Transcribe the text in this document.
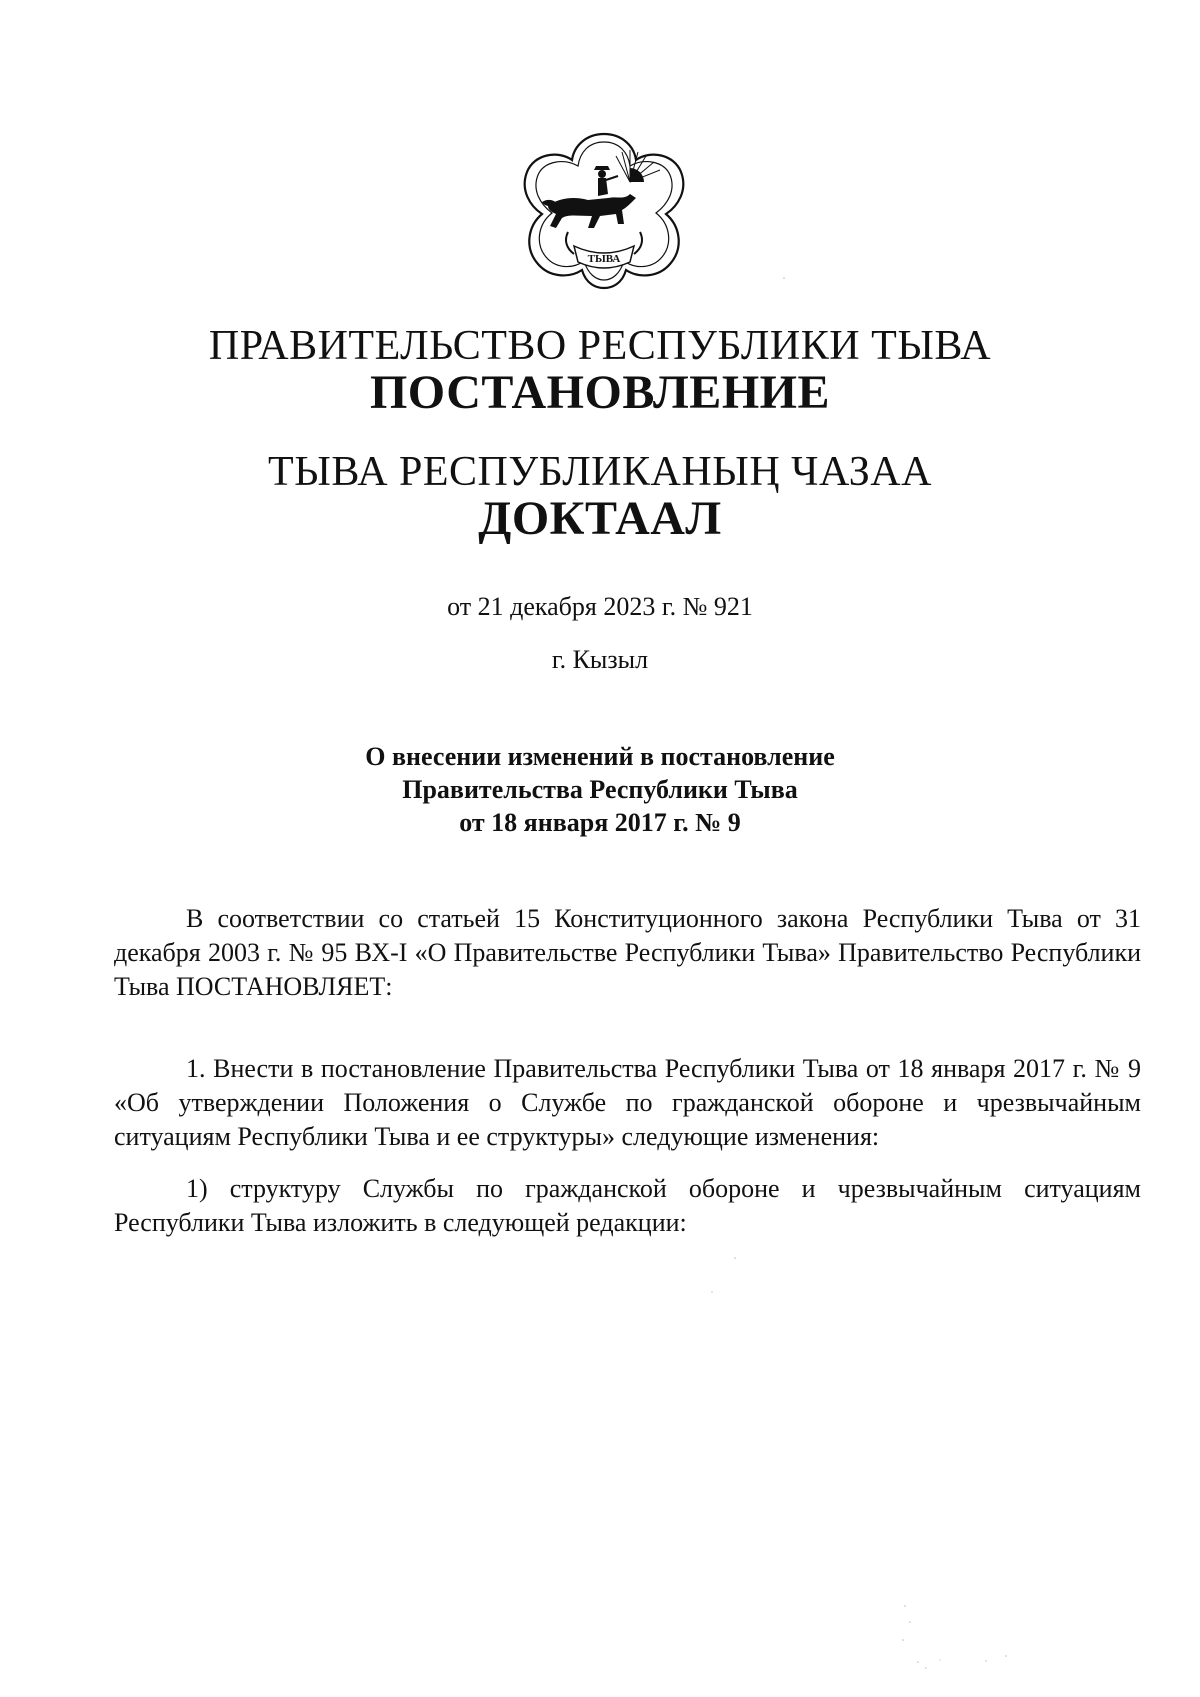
ТЫВА
ПРАВИТЕЛЬСТВО РЕСПУБЛИКИ ТЫВА
ПОСТАНОВЛЕНИЕ
ТЫВА РЕСПУБЛИКАНЫҢ ЧАЗАА
ДОКТААЛ
от 21 декабря 2023 г. № 921
г. Кызыл
О внесении изменений в постановление
Правительства Республики Тыва
от 18 января 2017 г. № 9

В соответствии со статьей 15 Конституционного закона Республики Тыва от 31 декабря 2003 г. № 95 ВХ-I «О Правительстве Республики Тыва» Правительство Республики Тыва ПОСТАНОВЛЯЕТ:

1. Внести в постановление Правительства Республики Тыва от 18 января 2017 г. № 9 «Об утверждении Положения о Службе по гражданской обороне и чрезвычайным ситуациям Республики Тыва и ее структуры» следующие изменения:

1) структуру Службы по гражданской обороне и чрезвычайным ситуациям Республики Тыва изложить в следующей редакции:
